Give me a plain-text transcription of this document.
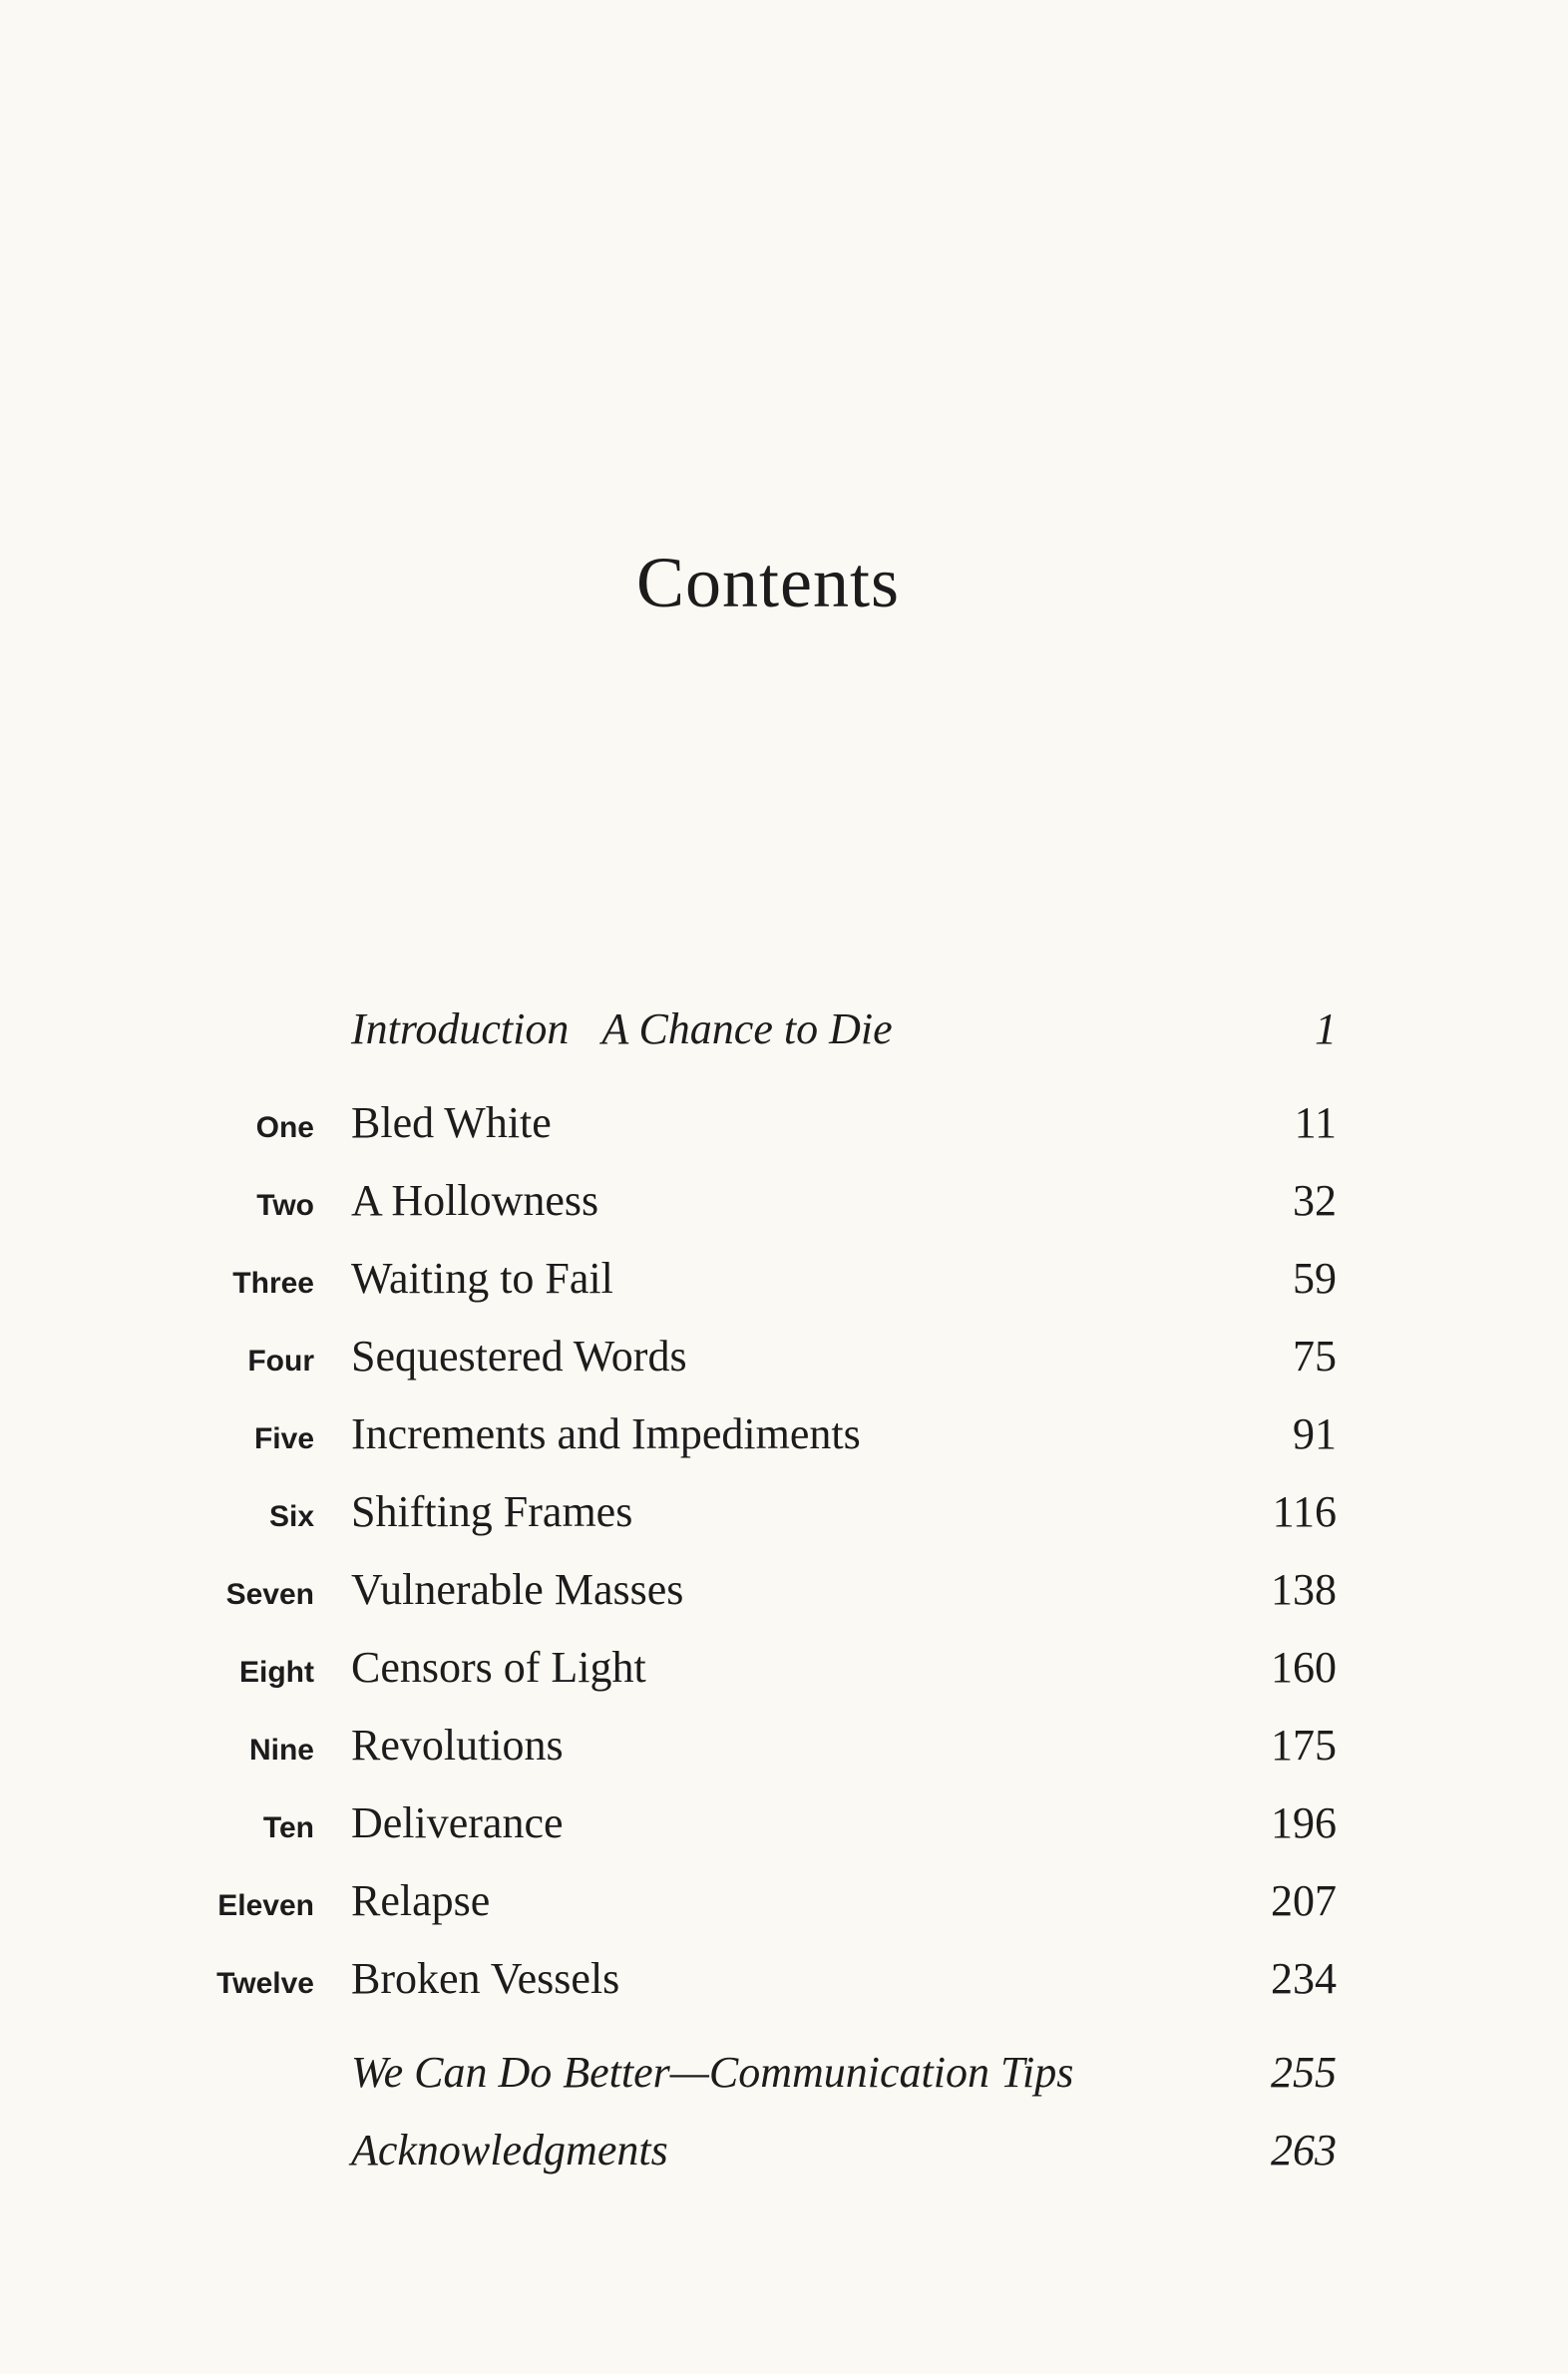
Contents
Introduction A Chance to Die	1
One Bled White	11
Two A Hollowness	32
Three Waiting to Fail	59
Four Sequestered Words	75
Five Increments and Impediments	91
Six Shifting Frames	116
Seven Vulnerable Masses	138
Eight Censors of Light	160
Nine Revolutions	175
Ten Deliverance	196
Eleven Relapse	207
Twelve Broken Vessels	234
We Can Do Better—Communication Tips	255
Acknowledgments	263
